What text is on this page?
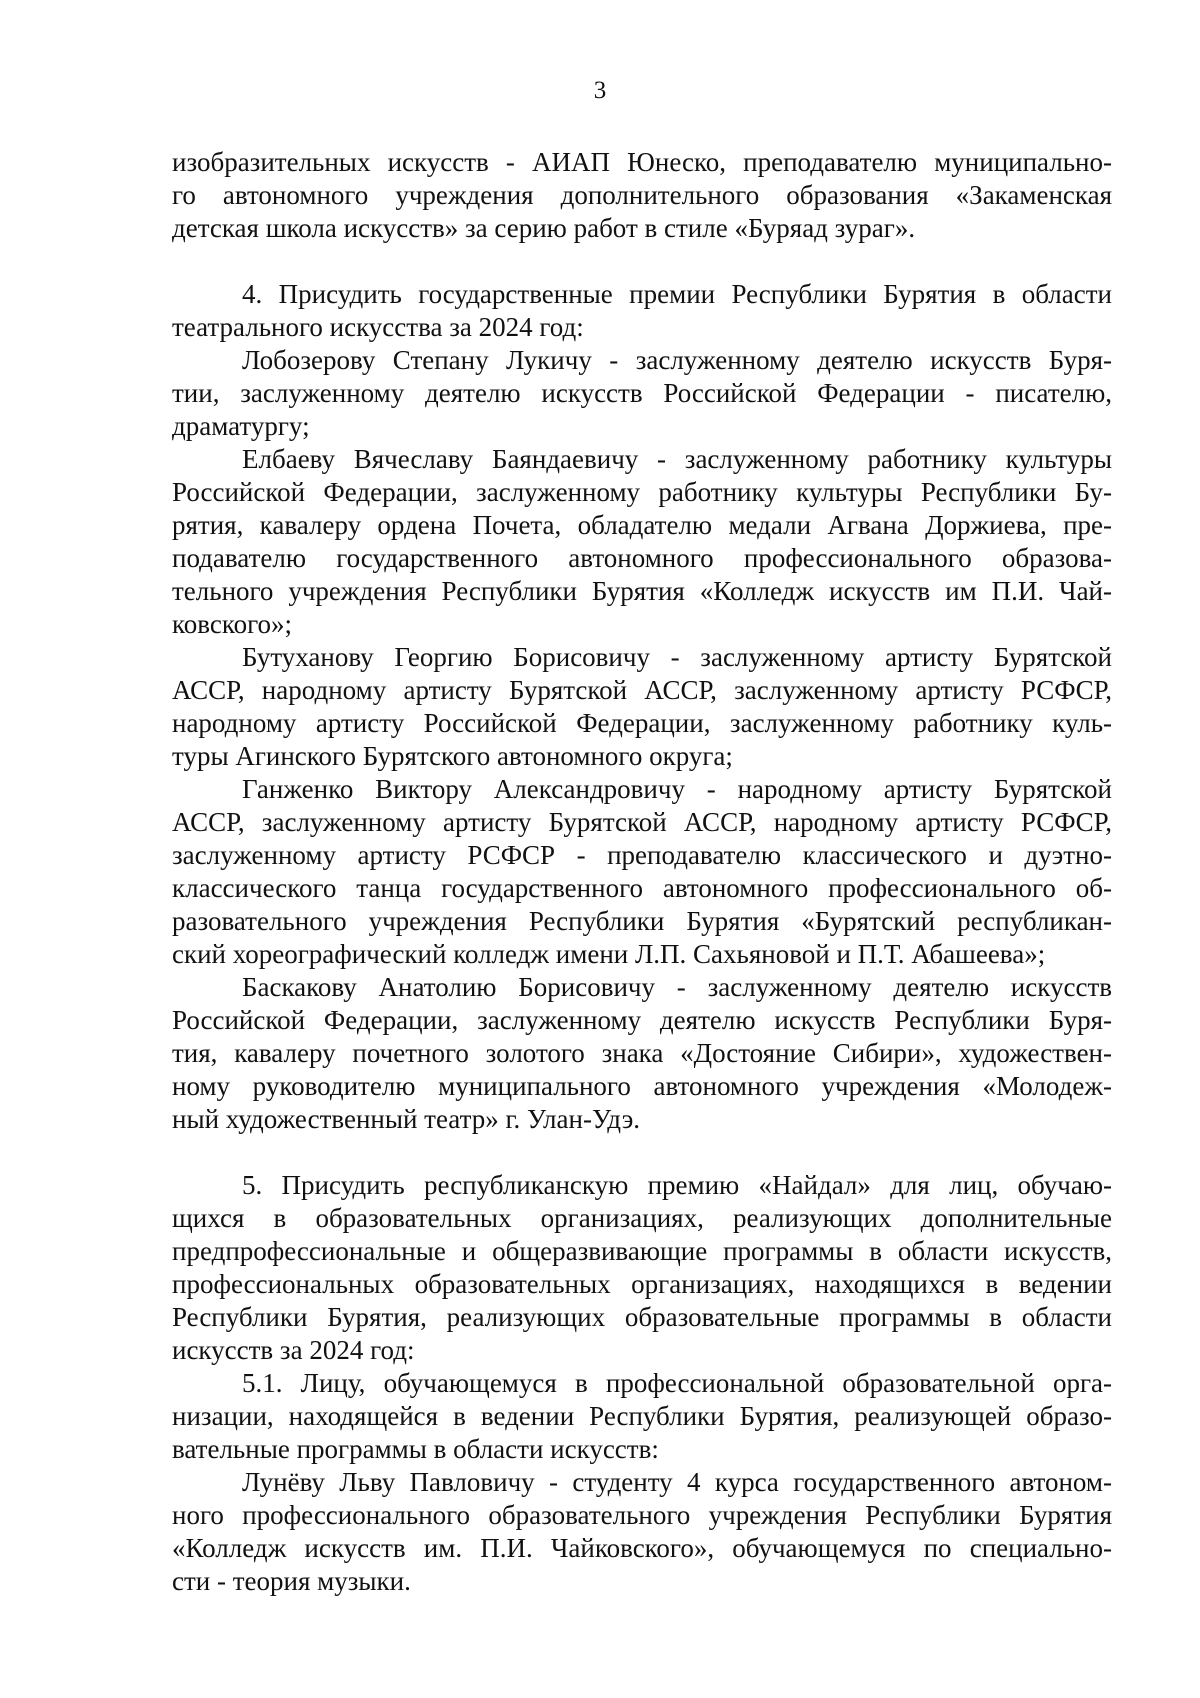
3
изобразительных искусств - АИАП Юнеско, преподавателю муниципально-
го автономного учреждения дополнительного образования «Закаменская
детская школа искусств» за серию работ в стиле «Буряад зураг».
4. Присудить государственные премии Республики Бурятия в области
театрального искусства за 2024 год:
Лобозерову Степану Лукичу - заслуженному деятелю искусств Буря-
тии, заслуженному деятелю искусств Российской Федерации - писателю,
драматургу;
Елбаеву Вячеславу Баяндаевичу - заслуженному работнику культуры
Российской Федерации, заслуженному работнику культуры Республики Бу-
рятия, кавалеру ордена Почета, обладателю медали Агвана Доржиева, пре-
подавателю государственного автономного профессионального образова-
тельного учреждения Республики Бурятия «Колледж искусств им П.И. Чай-
ковского»;
Бутуханову Георгию Борисовичу - заслуженному артисту Бурятской
АССР, народному артисту Бурятской АССР, заслуженному артисту РСФСР,
народному артисту Российской Федерации, заслуженному работнику куль-
туры Агинского Бурятского автономного округа;
Ганженко Виктору Александровичу - народному артисту Бурятской
АССР, заслуженному артисту Бурятской АССР, народному артисту РСФСР,
заслуженному артисту РСФСР - преподавателю классического и дуэтно-
классического танца государственного автономного профессионального об-
разовательного учреждения Республики Бурятия «Бурятский республикан-
ский хореографический колледж имени Л.П. Сахьяновой и П.Т. Абашеева»;
Баскакову Анатолию Борисовичу - заслуженному деятелю искусств
Российской Федерации, заслуженному деятелю искусств Республики Буря-
тия, кавалеру почетного золотого знака «Достояние Сибири», художествен-
ному руководителю муниципального автономного учреждения «Молодеж-
ный художественный театр» г. Улан-Удэ.
5. Присудить республиканскую премию «Найдал» для лиц, обучаю-
щихся в образовательных организациях, реализующих дополнительные
предпрофессиональные и общеразвивающие программы в области искусств,
профессиональных образовательных организациях, находящихся в ведении
Республики Бурятия, реализующих образовательные программы в области
искусств за 2024 год:
5.1. Лицу, обучающемуся в профессиональной образовательной орга-
низации, находящейся в ведении Республики Бурятия, реализующей образо-
вательные программы в области искусств:
Лунёву Льву Павловичу - студенту 4 курса государственного автоном-
ного профессионального образовательного учреждения Республики Бурятия
«Колледж искусств им. П.И. Чайковского», обучающемуся по специально-
сти - теория музыки.
